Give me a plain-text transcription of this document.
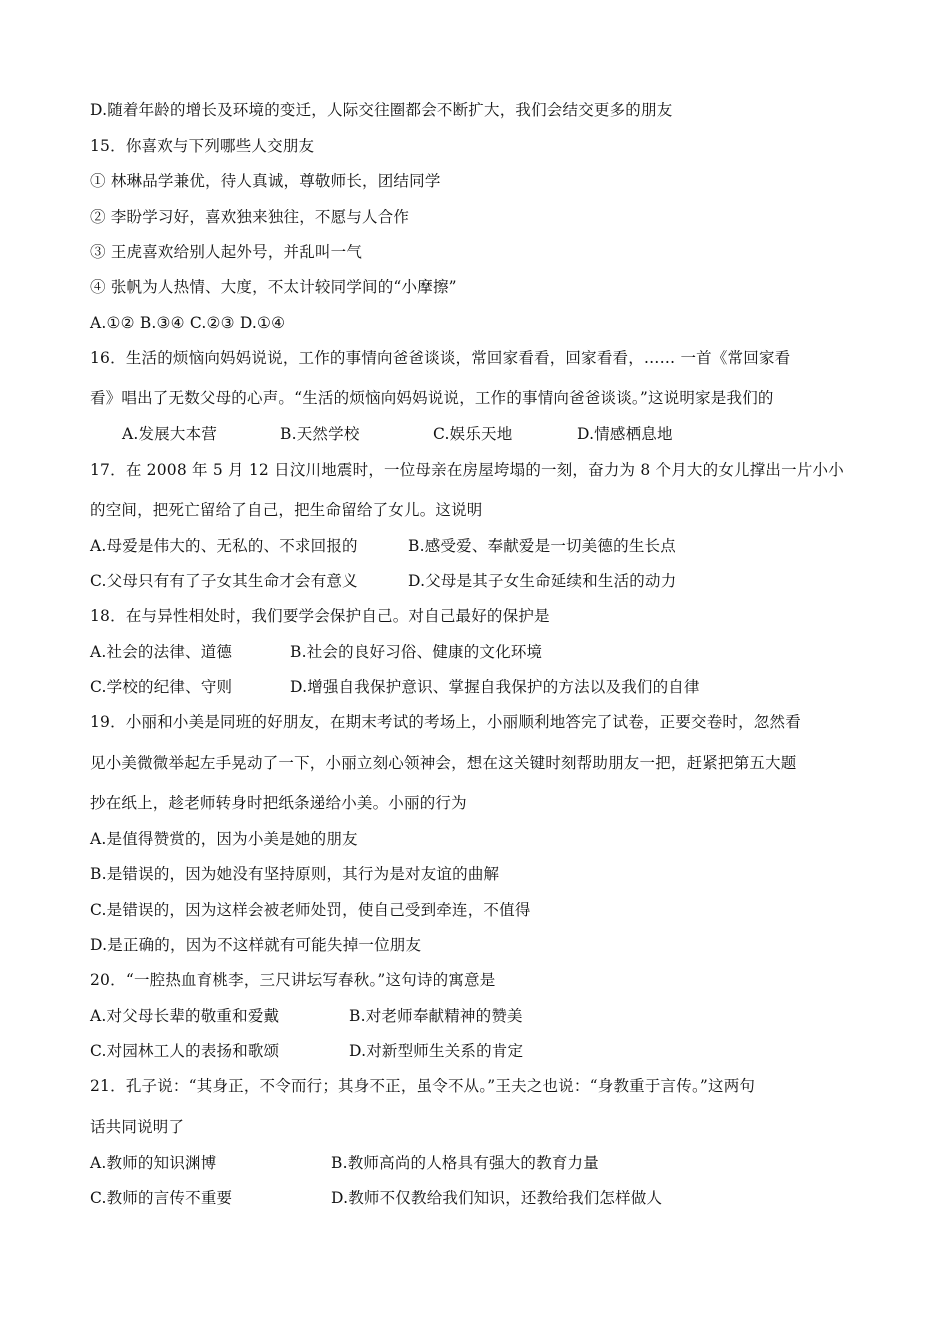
D.随着年龄的增长及环境的变迁，人际交往圈都会不断扩大，我们会结交更多的朋友
15．你喜欢与下列哪些人交朋友
① 林琳品学兼优，待人真诚，尊敬师长，团结同学
② 李盼学习好，喜欢独来独往，不愿与人合作
③ 王虎喜欢给别人起外号，并乱叫一气
④ 张帆为人热情、大度，不太计较同学间的“小摩擦”
A.①② B.③④ C.②③ D.①④
16．生活的烦恼向妈妈说说，工作的事情向爸爸谈谈，常回家看看，回家看看，…… 一首《常回家看
看》唱出了无数父母的心声。“生活的烦恼向妈妈说说，工作的事情向爸爸谈谈。”这说明家是我们的
A.发展大本营	B.天然学校	C.娱乐天地	D.情感栖息地
17．在 2008 年 5 月 12 日汶川地震时，一位母亲在房屋垮塌的一刻，奋力为 8 个月大的女儿撑出一片小小
的空间，把死亡留给了自己，把生命留给了女儿。这说明
A.母爱是伟大的、无私的、不求回报的	B.感受爱、奉献爱是一切美德的生长点
C.父母只有有了子女其生命才会有意义	D.父母是其子女生命延续和生活的动力
18．在与异性相处时，我们要学会保护自己。对自己最好的保护是
A.社会的法律、道德	B.社会的良好习俗、健康的文化环境
C.学校的纪律、守则	D.增强自我保护意识、掌握自我保护的方法以及我们的自律
19．小丽和小美是同班的好朋友，在期末考试的考场上，小丽顺利地答完了试卷，正要交卷时，忽然看
见小美微微举起左手晃动了一下，小丽立刻心领神会，想在这关键时刻帮助朋友一把，赶紧把第五大题
抄在纸上，趁老师转身时把纸条递给小美。小丽的行为
A.是值得赞赏的，因为小美是她的朋友
B.是错误的，因为她没有坚持原则，其行为是对友谊的曲解
C.是错误的，因为这样会被老师处罚，使自己受到牵连，不值得
D.是正确的，因为不这样就有可能失掉一位朋友
20．“一腔热血育桃李，三尺讲坛写春秋。”这句诗的寓意是
A.对父母长辈的敬重和爱戴	B.对老师奉献精神的赞美
C.对园林工人的表扬和歌颂	D.对新型师生关系的肯定
21．孔子说：“其身正，不令而行；其身不正，虽令不从。”王夫之也说：“身教重于言传。”这两句
话共同说明了
A.教师的知识渊博	B.教师高尚的人格具有强大的教育力量
C.教师的言传不重要	D.教师不仅教给我们知识，还教给我们怎样做人
